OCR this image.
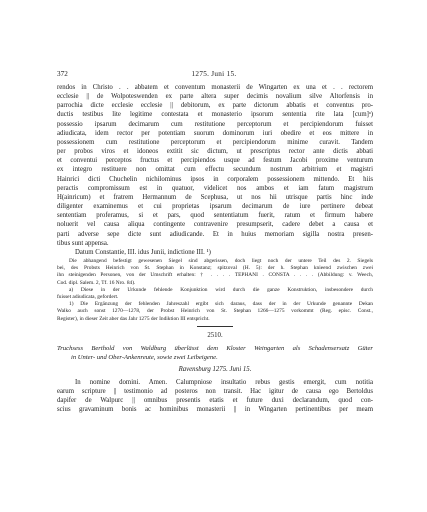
372	1275. Juni 15.
rendos in Christo . . abbatem et conventum monasterii de Wingarten ex una et . . rectorem
ecclesie || de Wolpoteswenden ex parte altera super decimis novalium silve Altorfensis in
parrochia dicte ecclesie ecclesie || debitorum, ex parte dictorum abbatis et conventus pro-
ductis testibus lite legitime contestata et monasterio ipsorum sententia rite lata [cum]ᵃ)
possessio ipsarum decimarum cum restitutione perceptorum et percipiendorum fuisset
adiudicata, idem rector per potentiam suorum dominorum iuri obedire et eos mittere in
possessionem cum restitutione perceptorum et percipiendorum minime curavit. Tandem
per probos viros et idoneos extitit sic dictum, ut prescriptus rector ante dictis abbati
et conventui perceptos fructus et percipiendos usque ad festum Jacobi proxime venturum
ex integro restituere non omittat cum effectu secundum nostrum arbitrium et magistri
Hainrici dicti Chuchelin nichilominus ipsos in corporalem possessionem mittendo. Et hiis
peractis compromissum est in quatuor, videlicet nos ambos et iam fatum magistrum
H(ainricum) et fratrem Hermannum de Scephusa, ut nos hii utrisque partis hinc inde
diligenter examinemus et cui proprietas ipsarum decimarum de iure pertinere debeat
sententiam proferamus, si et pars, quod sententiatum fuerit, ratum et firmum habere
noluerit vel causa aliqua contingente contravenire presumpserit, cadere debet a causa et
parti adverse sepe dicte sunt adiudicande. Et in huius memoriam sigilla nostra presen-
tibus sunt appensa.
Datum Constantie, III. idus Junii, indictione III. ¹)
Die abhangend befestigt gewesenen Siegel sind abgerissen, doch liegt noch der untere Teil des 2. Siegels
bei, des Probsts Heinrich von St. Stephan in Konstanz; spitzoval (H. 5): der h. Stephan knieend zwischen zwei
ihn steinigenden Personen, von der Umschrift erhalten: † . . . . TEPHANI . CONSTA . . . . (Abbildung: v. Weech,
Cod. dipl. Salem. 2, Tf. 16 Nro. 84).
a) Diese in der Urkunde fehlende Konjunktion wird durch die ganze Konstruktion, insbesondere durch
fuisset adiudicata, gefordert.
1) Die Ergänzung der fehlenden Jahreszahl ergibt sich daraus, dass der in der Urkunde genannte Dekan
Walko auch sonst 1270—1278, der Probst Heinrich von St. Stephan 1266—1275 vorkommt (Reg. episc. Const.,
Register), in dieser Zeit aber das Jahr 1275 der Indiktion III entspricht.
2510.
Truchsess Berthold von Waldburg überlässt dem Kloster Weingarten als Schadensersatz Güter
in Unter- und Ober-Ankenreute, sowie zwei Leibeigene.
Ravensburg 1275. Juni 15.
In nomine domini. Amen. Calumpniose insultatio rebus gestis emergit, cum notitia
earum scripture || testimonio ad posteros non transit. Hac igitur de causa ego Bertoldus
dapifer de Walpurc || omnibus presentis etatis et future duxi declarandum, quod con-
scius gravaminum bonis ac hominibus monasterii || in Wingarten pertinentibus per meam
